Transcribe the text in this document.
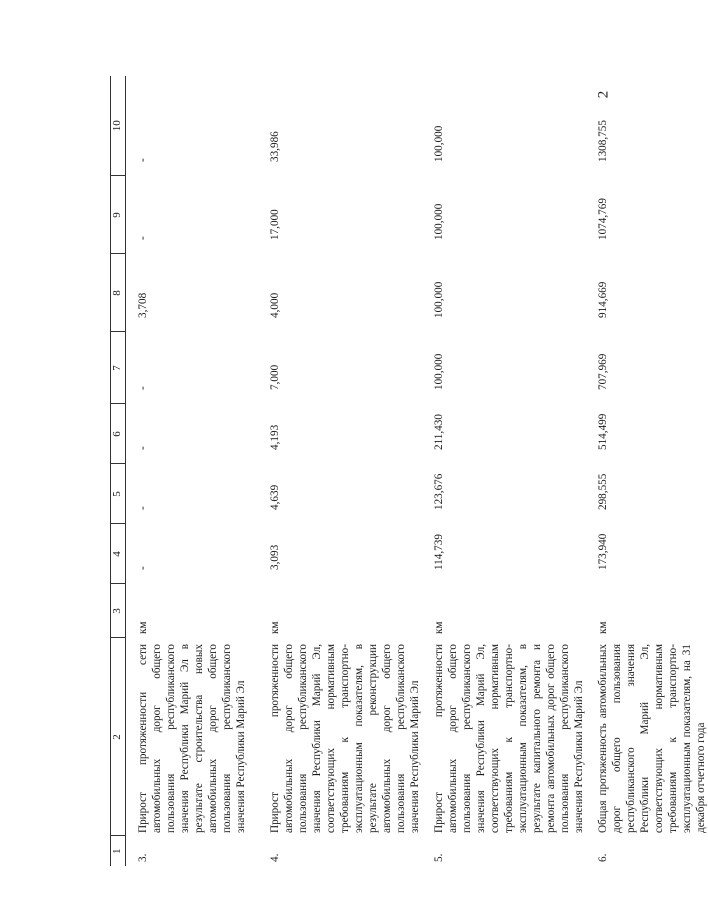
2
1	2	3	4	5	6	7	8	9	10
3.	Прирост протяженности сети автомобильных дорог общего пользования республиканского значения Республики Марий Эл в результате строительства новых автомобильных дорог общего пользования республиканского значения Республики Марий Эл	км	-	-	-	-	3,708	-	-
4.	Прирост протяженности автомобильных дорог общего пользования республиканского значения Республики Марий Эл, соответствующих нормативным требованиям к транспортно-эксплуатационным показателям, в результате реконструкции автомобильных дорог общего пользования республиканского значения Республики Марий Эл	км	3,093	4,639	4,193	7,000	4,000	17,000	33,986
5.	Прирост протяженности автомобильных дорог общего пользования республиканского значения Республики Марий Эл, соответствующих нормативным требованиям к транспортно-эксплуатационным показателям, в результате капитального ремонта и ремонта автомобильных дорог общего пользования республиканского значения Республики Марий Эл	км	114,739	123,676	211,430	100,000	100,000	100,000	100,000
6.	Общая протяженность автомобильных дорог общего пользования республиканского значения Республики Марий Эл, соответствующих нормативным требованиям к транспортно-эксплуатационным показателям, на 31 декабря отчетного года	км	173,940	298,555	514,499	707,969	914,669	1074,769	1308,755
